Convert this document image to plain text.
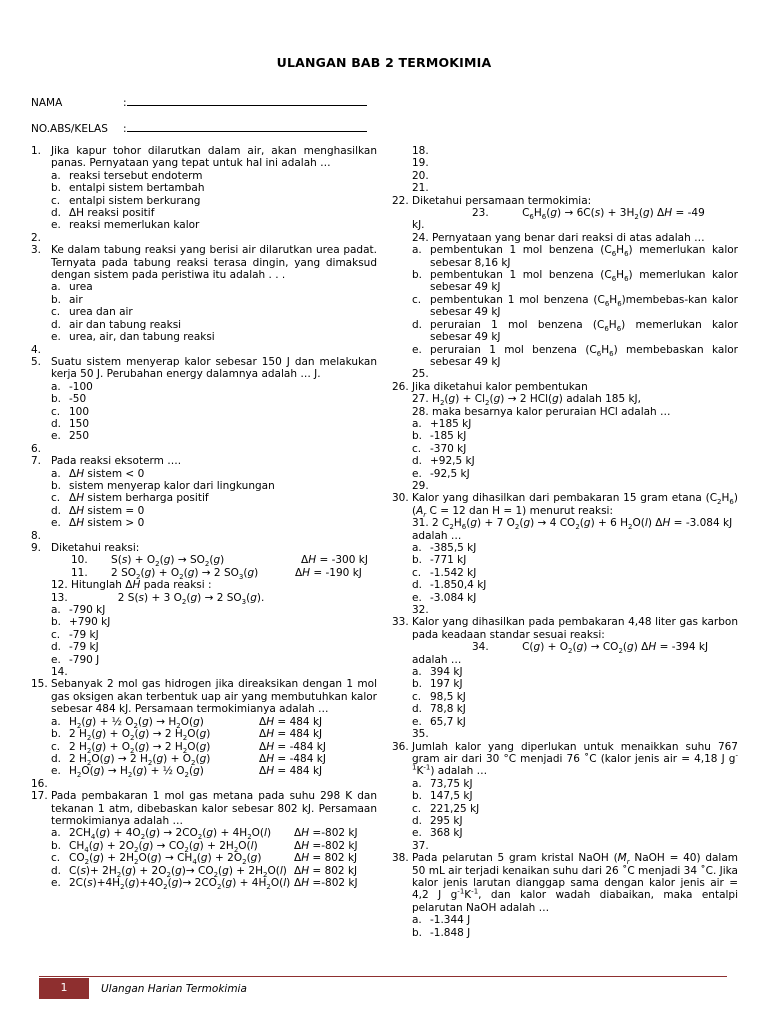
ULANGAN BAB 2 TERMOKIMIA
NAMA	:
NO.ABS/KELAS :
1. Jika kapur tohor dilarutkan dalam air, akan menghasilkan panas. Pernyataan yang tepat untuk hal ini adalah …
a. reaksi tersebut endoterm
b. entalpi sistem bertambah
c. entalpi sistem berkurang
d. ΔH reaksi positif
e. reaksi memerlukan kalor
2.
3. Ke dalam tabung reaksi yang berisi air dilarutkan urea padat. Ternyata pada tabung reaksi terasa dingin, yang dimaksud dengan sistem pada peristiwa itu adalah . . .
a. urea
b. air
c. urea dan air
d. air dan tabung reaksi
e. urea, air, dan tabung reaksi
4.
5. Suatu sistem menyerap kalor sebesar 150 J dan melakukan kerja 50 J. Perubahan energy dalamnya adalah … J.
a. -100
b. -50
c. 100
d. 150
e. 250
6.
7. Pada reaksi eksoterm ….
a. ΔH sistem < 0
b. sistem menyerap kalor dari lingkungan
c. ΔH sistem berharga positif
d. ΔH sistem = 0
e. ΔH sistem > 0
8.
9. Diketahui reaksi:
10.       $S(s) + O_2(g) \to SO_2(g)$                       ΔH = -300 kJ
11.       2 $SO_2(g) + O_2(g) \to 2$ $SO_3(g)$           ΔH = -190 kJ
12. Hitunglah ΔH pada reaksi :
13.               2 S(s) + 3 $O_2(g) \to 2$ $SO_3(g)$.
a. -790 kJ
b. +790 kJ
c. -79 kJ
d. -79 kJ
e. -790 J
14.
15. Sebanyak 2 mol gas hidrogen jika direaksikan dengan 1 mol gas oksigen akan terbentuk uap air yang membutuhkan kalor sebesar 484 kJ. Persamaan termokimianya adalah …
a. $H_2(g)$ + ½ $O_2(g) \to H_2O(g)$	ΔH = 484 kJ
b. 2 $H_2(g) + O_2(g) \to 2$ $H_2O(g)$	ΔH = 484 kJ
c. 2 $H_2(g) + O_2(g) \to 2$ $H_2O(g)$	ΔH = -484 kJ
d. 2 $H_2O(g) \to 2$ $H_2(g) + O_2(g)$	ΔH = -484 kJ
e. $H_2O(g) \to H_2(g)$ + ½ $O_2(g)$	ΔH = 484 kJ
16.
17. Pada pembakaran 1 mol gas metana pada suhu 298 K dan tekanan 1 atm, dibebaskan kalor sebesar 802 kJ. Persamaan termokimianya adalah …
a. $2CH_4(g) + 4O_2(g) \to 2CO_2(g) + 4H_2O(l)$ ΔH =-802 kJ
b. $CH_4(g) + 2O_2(g) \to CO_2(g) + 2H_2O(l)$	ΔH =-802 kJ
c. $CO_2(g) + 2H_2O(g) \to CH_4(g) + 2O_2(g)$	ΔH = 802 kJ
d. $C(s)+ 2H_2(g) + 2O_2(g)\to CO_2(g) + 2H_2O(l) \Delta H = 802$ kJ
e. $2C(s)+4H_2(g)+4O_2(g)\to 2CO_2(g) + 4H_2O(l)$ ΔH =-802 kJ
18.
19.
20.
21.
22. Diketahui persamaan termokimia:
23.          $C_6H_6(g) \to 6C(s) + 3H_2(g) \Delta H = -49$
kJ.
24. Pernyataan yang benar dari reaksi di atas adalah …
a. pembentukan 1 mol benzena $(C_6H_6)$ memerlukan kalor sebesar 8,16 kJ
b. pembentukan 1 mol benzena $(C_6H_6)$ memerlukan kalor sebesar 49 kJ
c. pembentukan 1 mol benzena $(C_6H_6)membebas$-kan kalor sebesar 49 kJ
d. peruraian 1 mol benzena $(C_6H_6)$ memerlukan kalor sebesar 49 kJ
e. peruraian 1 mol benzena $(C_6H_6)$ membebaskan kalor sebesar 49 kJ
25.
26. Jika diketahui kalor pembentukan
27. $H_2(g) + Cl_2(g) \to 2$ HCl(g) adalah 185 kJ,
28. maka besarnya kalor peruraian HCl adalah …
a. +185 kJ
b. -185 kJ
c. -370 kJ
d. +92,5 kJ
e. -92,5 kJ
29.
30. Kalor yang dihasilkan dari pembakaran 15 gram etana $(C_2H_6)$ ($A_r$ C = 12 dan H = 1) menurut reaksi:
31. 2 $C_2H_6(g) + 7$ $O_2(g) \to 4$ $CO_2(g) + 6$ $H_2O(l) \Delta H = -3.084$ kJ adalah …
a. -385,5 kJ
b. -771 kJ
c. -1.542 kJ
d. -1.850,4 kJ
e. -3.084 kJ
32.
33. Kalor yang dihasilkan pada pembakaran 4,48 liter gas karbon pada keadaan standar sesuai reaksi:
34.          $C(g) + O_2(g) \to CO_2(g) \Delta H = -394$ kJ
adalah …
a. 394 kJ
b. 197 kJ
c. 98,5 kJ
d. 78,8 kJ
e. 65,7 kJ
35.
36. Jumlah kalor yang diperlukan untuk menaikkan suhu 767 gram air dari 30 °C menjadi 76 ˚C (kalor jenis air = 4,18 J $g^{-1}K^{-1}$) adalah …
a. 73,75 kJ
b. 147,5 kJ
c. 221,25 kJ
d. 295 kJ
e. 368 kJ
37.
38. Pada pelarutan 5 gram kristal NaOH ($M_r$ NaOH = 40) dalam 50 mL air terjadi kenaikan suhu dari 26 ˚C menjadi 34 ˚C. Jika kalor jenis larutan dianggap sama dengan kalor jenis air = 4,2 J $g^{-1}K^{-1}$, dan kalor wadah diabaikan, maka entalpi pelarutan NaOH adalah …
a. -1.344 J
b. -1.848 J
1	Ulangan Harian Termokimia
